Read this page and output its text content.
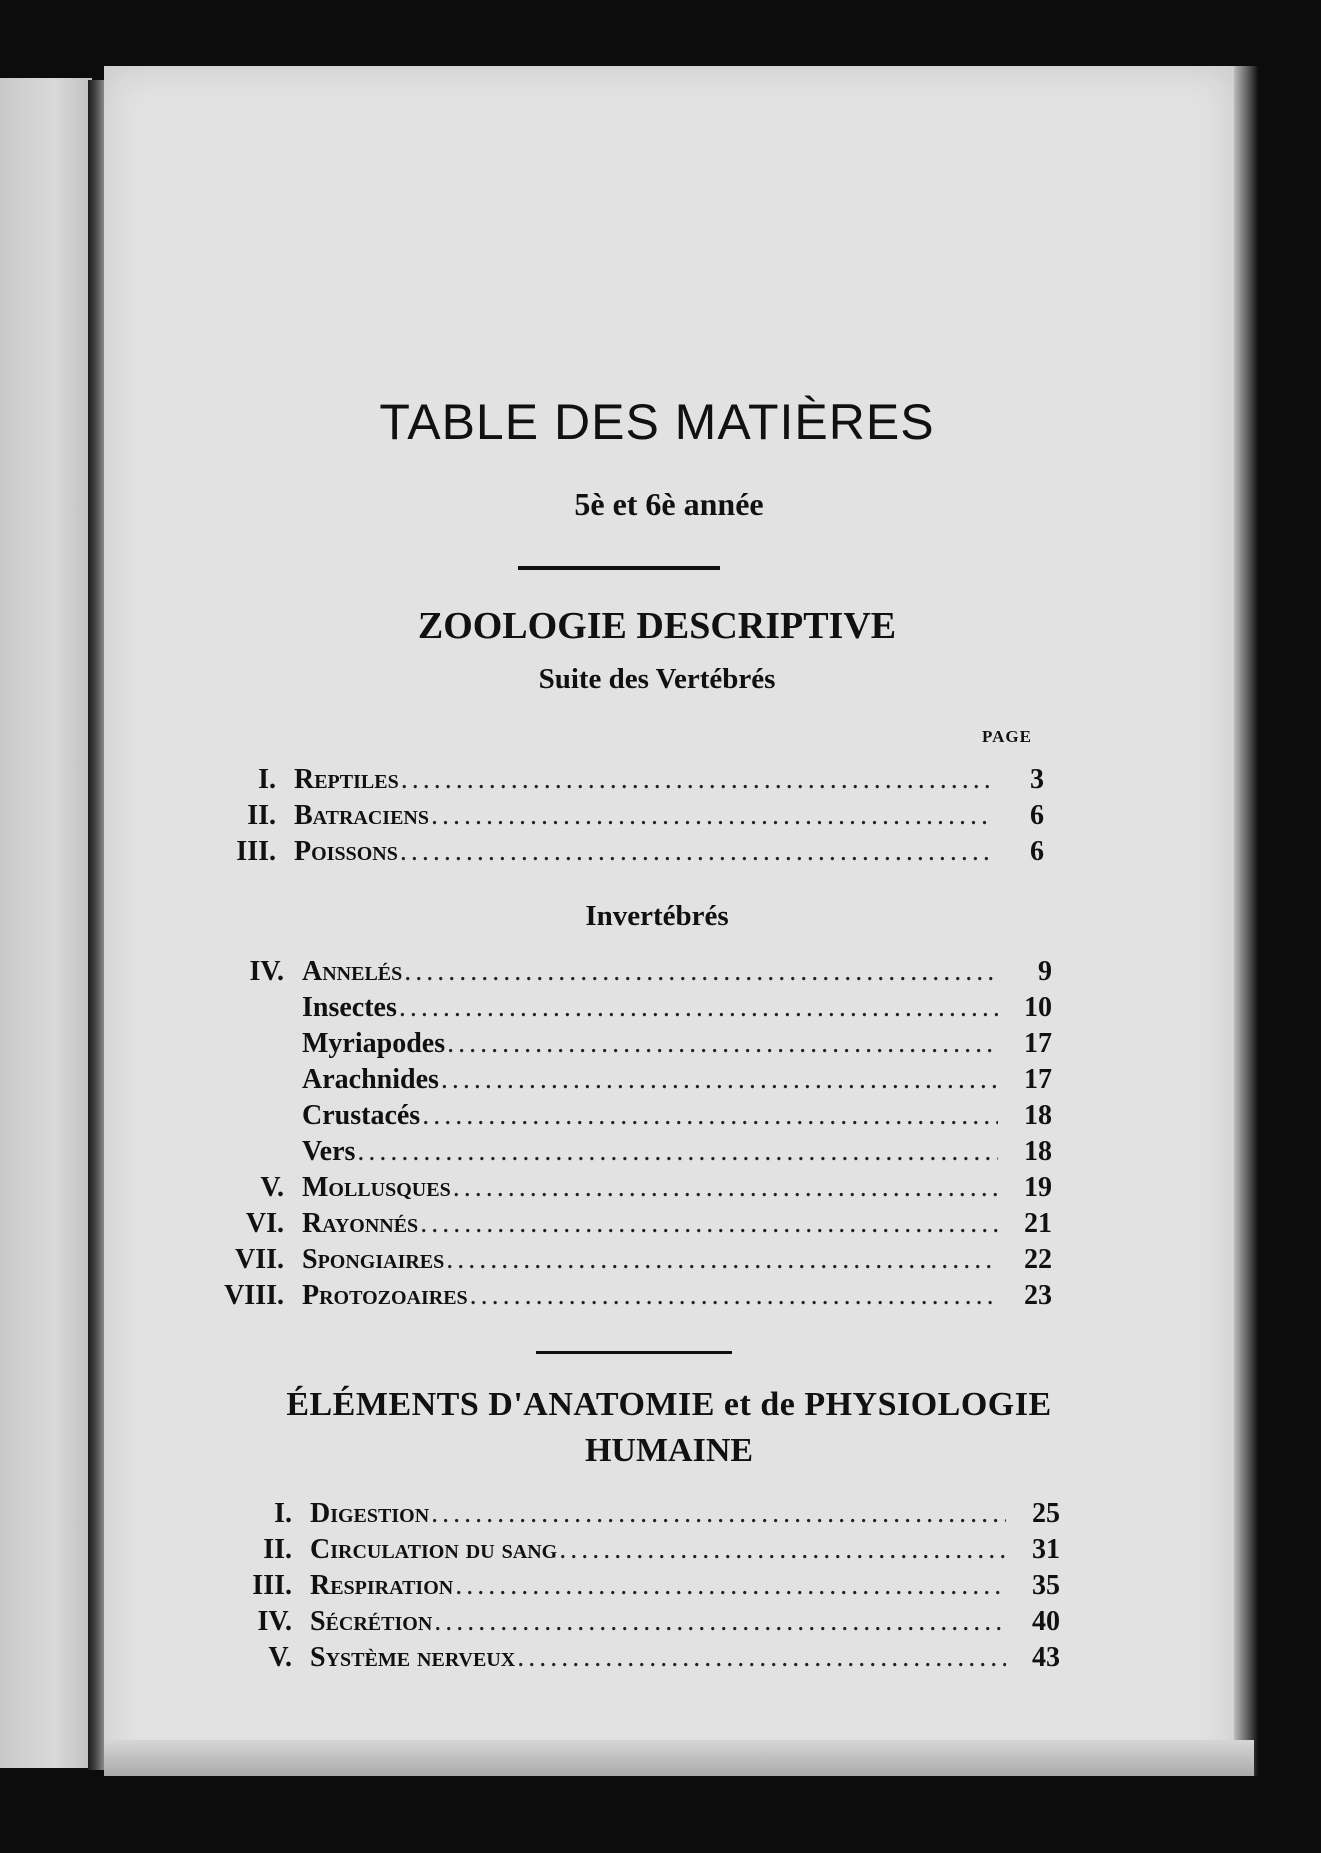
TABLE DES MATIÈRES
5è et 6è année
ZOOLOGIE DESCRIPTIVE
Suite des Vertébrés
PAGE
I. Reptiles .....	3
II. Batraciens .....	6
III. Poissons .....	6
Invertébrés
IV. Annelés .....	9
Insectes .....	10
Myriapodes .....	17
Arachnides .....	17
Crustacés .....	18
Vers .....	18
V. Mollusques .....	19
VI. Rayonnés .....	21
VII. Spongiaires .....	22
VIII. Protozoaires .....	23
ÉLÉMENTS D'ANATOMIE et de PHYSIOLOGIE
HUMAINE
I. Digestion .....	25
II. Circulation du sang .....	31
III. Respiration .....	35
IV. Sécrétion .....	40
V. Système nerveux .....	43
